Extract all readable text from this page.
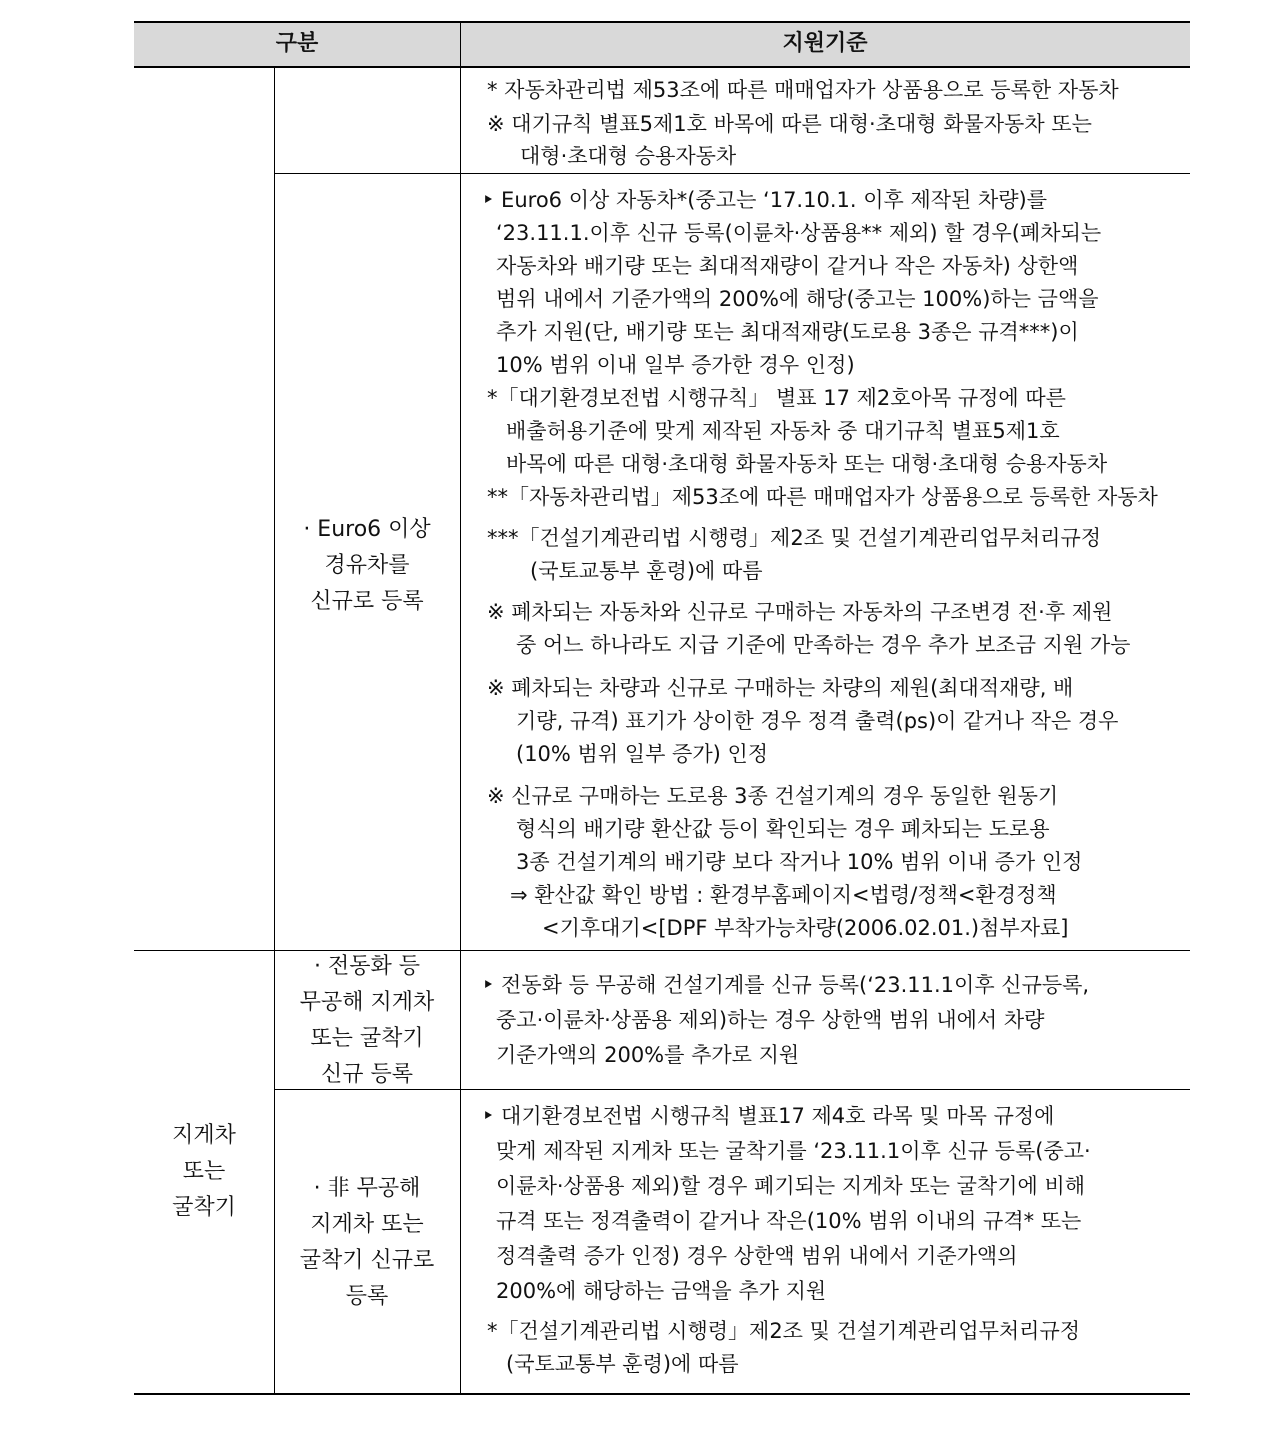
구분	지원기준
* 자동차관리법 제53조에 따른 매매업자가 상품용으로 등록한 자동차
※ 대기규칙 별표5제1호 바목에 따른 대형·초대형 화물자동차 또는
대형·초대형 승용자동차
· Euro6 이상
경유차를
신규로 등록
‣ Euro6 이상 자동차*(중고는 ‘17.10.1. 이후 제작된 차량)를
‘23.11.1.이후 신규 등록(이륜차·상품용** 제외) 할 경우(폐차되는
자동차와 배기량 또는 최대적재량이 같거나 작은 자동차) 상한액
범위 내에서 기준가액의 200%에 해당(중고는 100%)하는 금액을
추가 지원(단, 배기량 또는 최대적재량(도로용 3종은 규격***)이
10% 범위 이내 일부 증가한 경우 인정)
*「대기환경보전법 시행규칙」 별표 17 제2호아목 규정에 따른
배출허용기준에 맞게 제작된 자동차 중 대기규칙 별표5제1호
바목에 따른 대형·초대형 화물자동차 또는 대형·초대형 승용자동차
**「자동차관리법」제53조에 따른 매매업자가 상품용으로 등록한 자동차
***「건설기계관리법 시행령」제2조 및 건설기계관리업무처리규정
(국토교통부 훈령)에 따름
※ 폐차되는 자동차와 신규로 구매하는 자동차의 구조변경 전·후 제원
중 어느 하나라도 지급 기준에 만족하는 경우 추가 보조금 지원 가능
※ 폐차되는 차량과 신규로 구매하는 차량의 제원(최대적재량, 배
기량, 규격) 표기가 상이한 경우 정격 출력(ps)이 같거나 작은 경우
(10% 범위 일부 증가) 인정
※ 신규로 구매하는 도로용 3종 건설기계의 경우 동일한 원동기
형식의 배기량 환산값 등이 확인되는 경우 폐차되는 도로용
3종 건설기계의 배기량 보다 작거나 10% 범위 이내 증가 인정
⇒ 환산값 확인 방법 : 환경부홈페이지<법령/정책<환경정책
<기후대기<[DPF 부착가능차량(2006.02.01.)첨부자료]
지게차
또는
굴착기
· 전동화 등
무공해 지게차
또는 굴착기
신규 등록
‣ 전동화 등 무공해 건설기계를 신규 등록(‘23.11.1이후 신규등록,
중고·이륜차·상품용 제외)하는 경우 상한액 범위 내에서 차량
기준가액의 200%를 추가로 지원
· 非 무공해
지게차 또는
굴착기 신규로
등록
‣ 대기환경보전법 시행규칙 별표17 제4호 라목 및 마목 규정에
맞게 제작된 지게차 또는 굴착기를 ‘23.11.1이후 신규 등록(중고·
이륜차·상품용 제외)할 경우 폐기되는 지게차 또는 굴착기에 비해
규격 또는 정격출력이 같거나 작은(10% 범위 이내의 규격* 또는
정격출력 증가 인정) 경우 상한액 범위 내에서 기준가액의
200%에 해당하는 금액을 추가 지원
*「건설기계관리법 시행령」제2조 및 건설기계관리업무처리규정
(국토교통부 훈령)에 따름
